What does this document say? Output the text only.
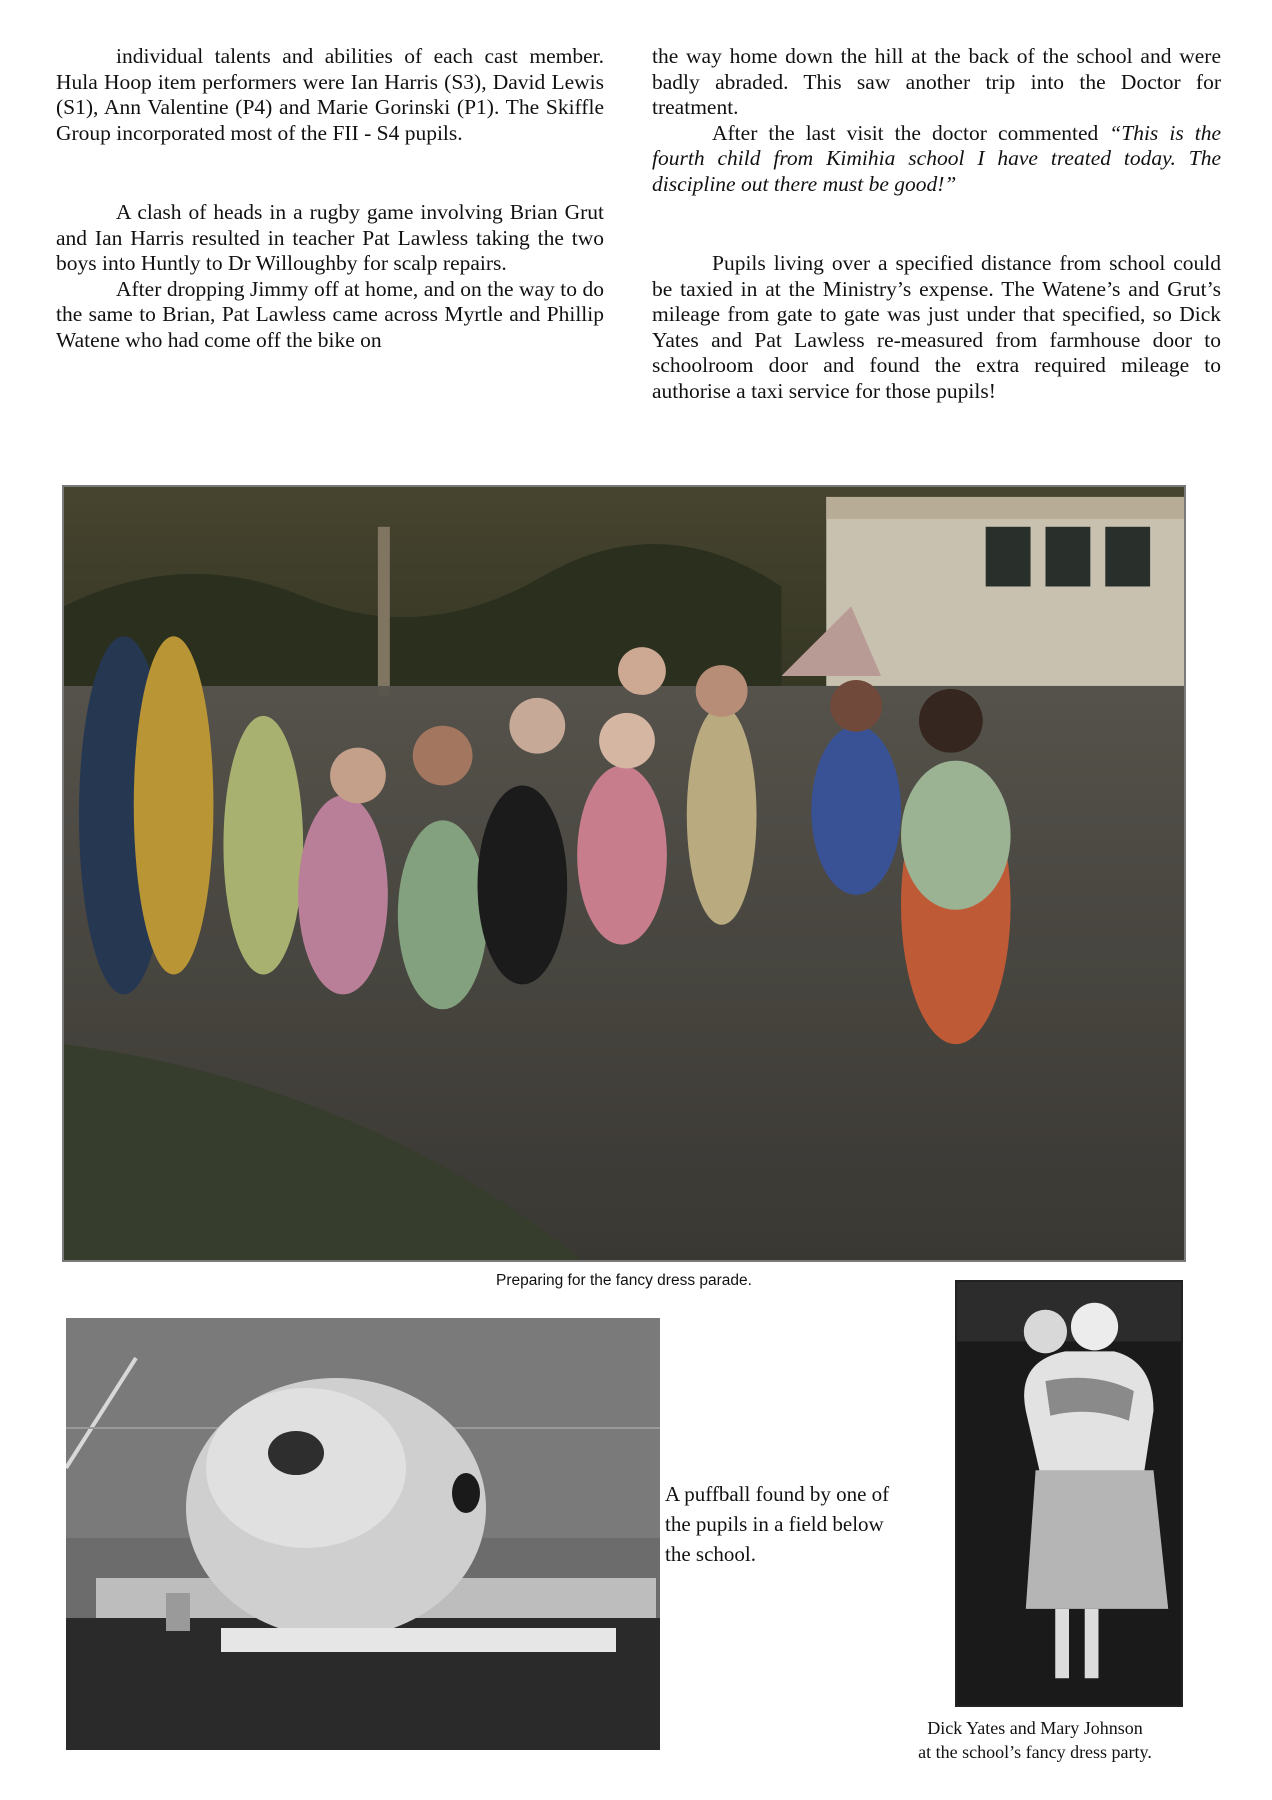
individual talents and abilities of each cast member. Hula Hoop item performers were Ian Harris (S3), David Lewis (S1), Ann Valentine (P4) and Marie Gorinski (P1). The Skiffle Group incorporated most of the FII - S4 pupils.

A clash of heads in a rugby game involving Brian Grut and Ian Harris resulted in teacher Pat Lawless taking the two boys into Huntly to Dr Willoughby for scalp repairs.

After dropping Jimmy off at home, and on the way to do the same to Brian, Pat Lawless came across Myrtle and Phillip Watene who had come off the bike on

the way home down the hill at the back of the school and were badly abraded. This saw another trip into the Doctor for treatment.

After the last visit the doctor commented “This is the fourth child from Kimihia school I have treated today. The discipline out there must be good!”

Pupils living over a specified distance from school could be taxied in at the Ministry’s expense. The Watene’s and Grut’s mileage from gate to gate was just under that specified, so Dick Yates and Pat Lawless re-measured from farmhouse door to schoolroom door and found the extra required mileage to authorise a taxi service for those pupils!

Preparing for the fancy dress parade.
A puffball found by one of
the pupils in a field below
the school.
Dick Yates and Mary Johnson
at the school’s fancy dress party.
